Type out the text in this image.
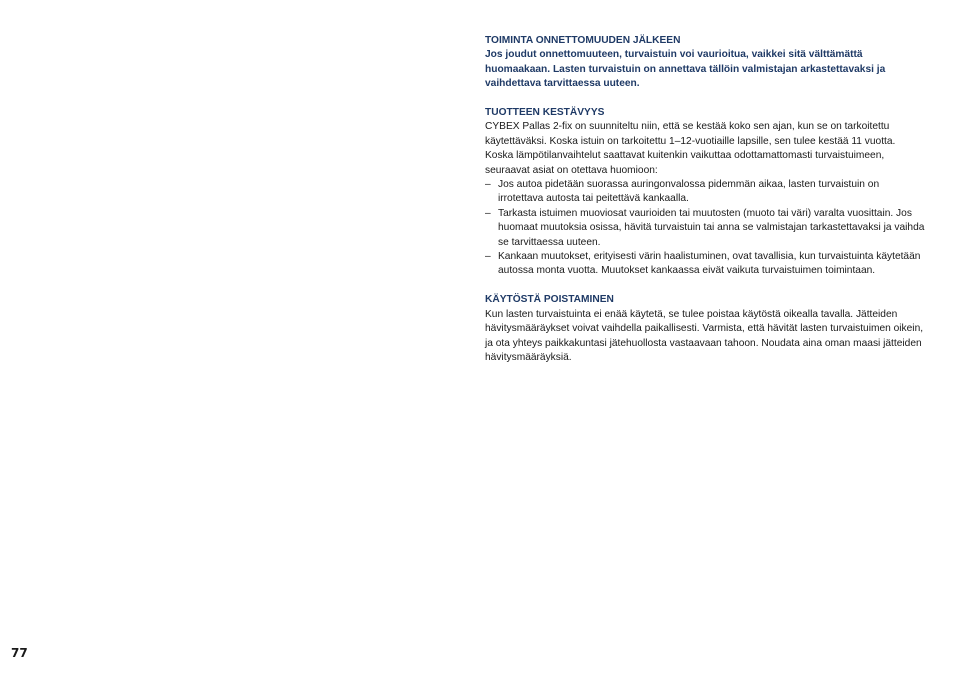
TOIMINTA ONNETTOMUUDEN JÄLKEEN

Jos joudut onnettomuuteen, turvaistuin voi vaurioitua, vaikkei sitä välttämättä huomaakaan. Lasten turvaistuin on annettava tällöin valmistajan arkastettavaksi ja vaihdettava tarvittaessa uuteen.

TUOTTEEN KESTÄVYYS

CYBEX Pallas 2-fix on suunniteltu niin, että se kestää koko sen ajan, kun se on tarkoitettu käytettäväksi. Koska istuin on tarkoitettu 1–12-vuotiaille lapsille, sen tulee kestää 11 vuotta. Koska lämpötilanvaihtelut saattavat kuitenkin vaikuttaa odottamattomasti turvaistuimeen, seuraavat asiat on otettava huomioon:

– Jos autoa pidetään suorassa auringonvalossa pidemmän aikaa, lasten turvaistuin on irrotettava autosta tai peitettävä kankaalla.
– Tarkasta istuimen muoviosat vaurioiden tai muutosten (muoto tai väri) varalta vuosittain. Jos huomaat muutoksia osissa, hävitä turvaistuin tai anna se valmistajan tarkastettavaksi ja vaihda se tarvittaessa uuteen.
– Kankaan muutokset, erityisesti värin haalistuminen, ovat tavallisia, kun turvaistuinta käytetään autossa monta vuotta. Muutokset kankaassa eivät vaikuta turvaistuimen toimintaan.

KÄYTÖSTÄ POISTAMINEN

Kun lasten turvaistuinta ei enää käytetä, se tulee poistaa käytöstä oikealla tavalla. Jätteiden hävitysmääräykset voivat vaihdella paikallisesti. Varmista, että hävität lasten turvaistuimen oikein, ja ota yhteys paikkakuntasi jätehuollosta vastaavaan tahoon. Noudata aina oman maasi jätteiden hävitysmääräyksiä.

77
